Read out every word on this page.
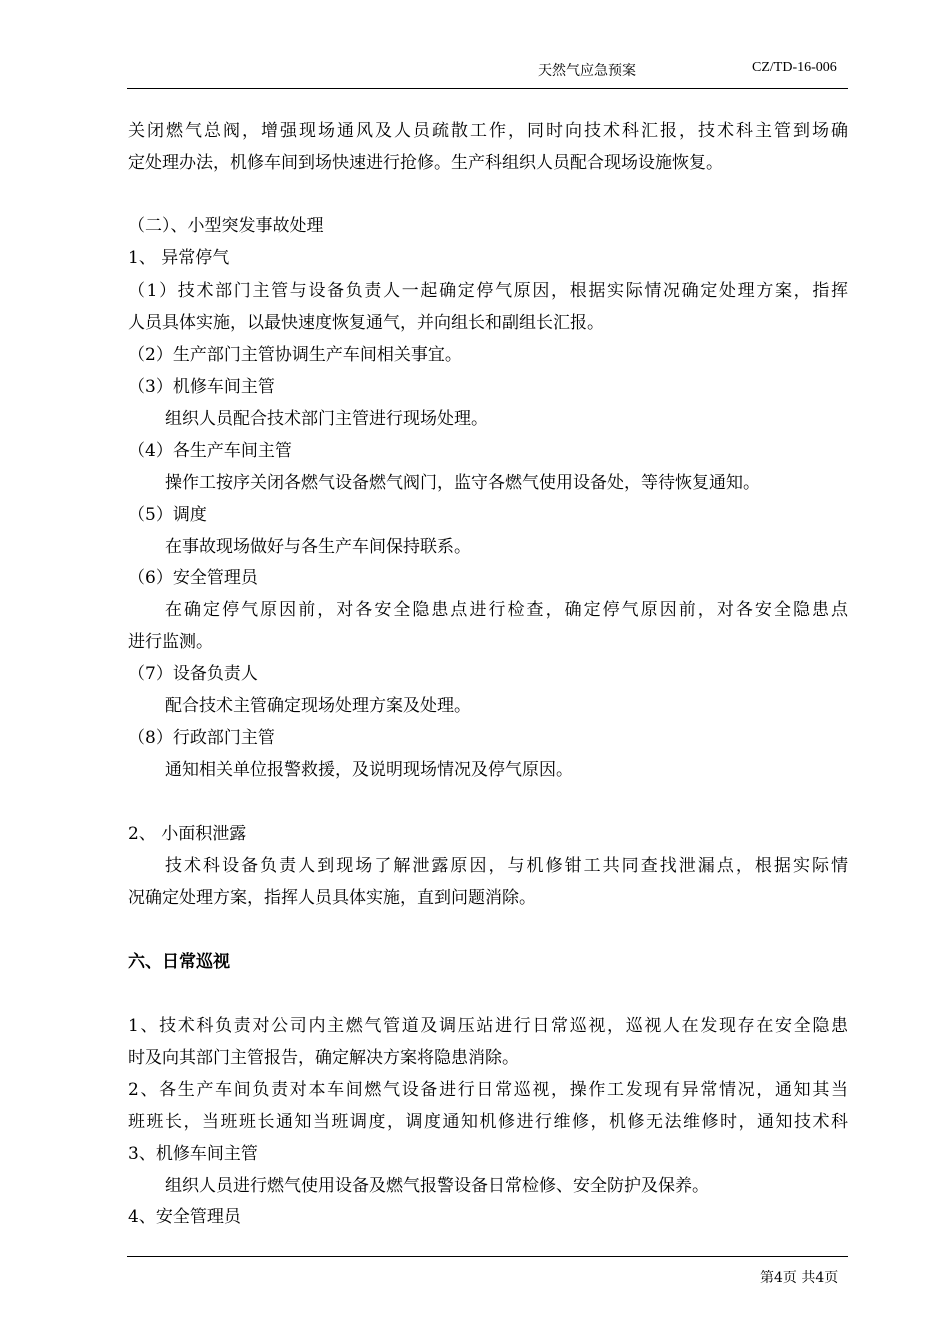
天然气应急预案	CZ/TD-16-006
关闭燃气总阀，增强现场通风及人员疏散工作，同时向技术科汇报，技术科主管到场确
定处理办法，机修车间到场快速进行抢修。生产科组织人员配合现场设施恢复。
（二）、小型突发事故处理
1、 异常停气
（1）技术部门主管与设备负责人一起确定停气原因，根据实际情况确定处理方案，指挥
人员具体实施，以最快速度恢复通气，并向组长和副组长汇报。
（2）生产部门主管协调生产车间相关事宜。
（3）机修车间主管
组织人员配合技术部门主管进行现场处理。
（4）各生产车间主管
操作工按序关闭各燃气设备燃气阀门，监守各燃气使用设备处，等待恢复通知。
（5）调度
在事故现场做好与各生产车间保持联系。
（6）安全管理员
在确定停气原因前，对各安全隐患点进行检查，确定停气原因前，对各安全隐患点
进行监测。
（7）设备负责人
配合技术主管确定现场处理方案及处理。
（8）行政部门主管
通知相关单位报警救援，及说明现场情况及停气原因。
2、 小面积泄露
技术科设备负责人到现场了解泄露原因，与机修钳工共同查找泄漏点，根据实际情
况确定处理方案，指挥人员具体实施，直到问题消除。
六、日常巡视
1、技术科负责对公司内主燃气管道及调压站进行日常巡视，巡视人在发现存在安全隐患
时及向其部门主管报告，确定解决方案将隐患消除。
2、各生产车间负责对本车间燃气设备进行日常巡视，操作工发现有异常情况，通知其当
班班长，当班班长通知当班调度，调度通知机修进行维修，机修无法维修时，通知技术科
3、机修车间主管
组织人员进行燃气使用设备及燃气报警设备日常检修、安全防护及保养。
4、安全管理员
第4页 共4页
